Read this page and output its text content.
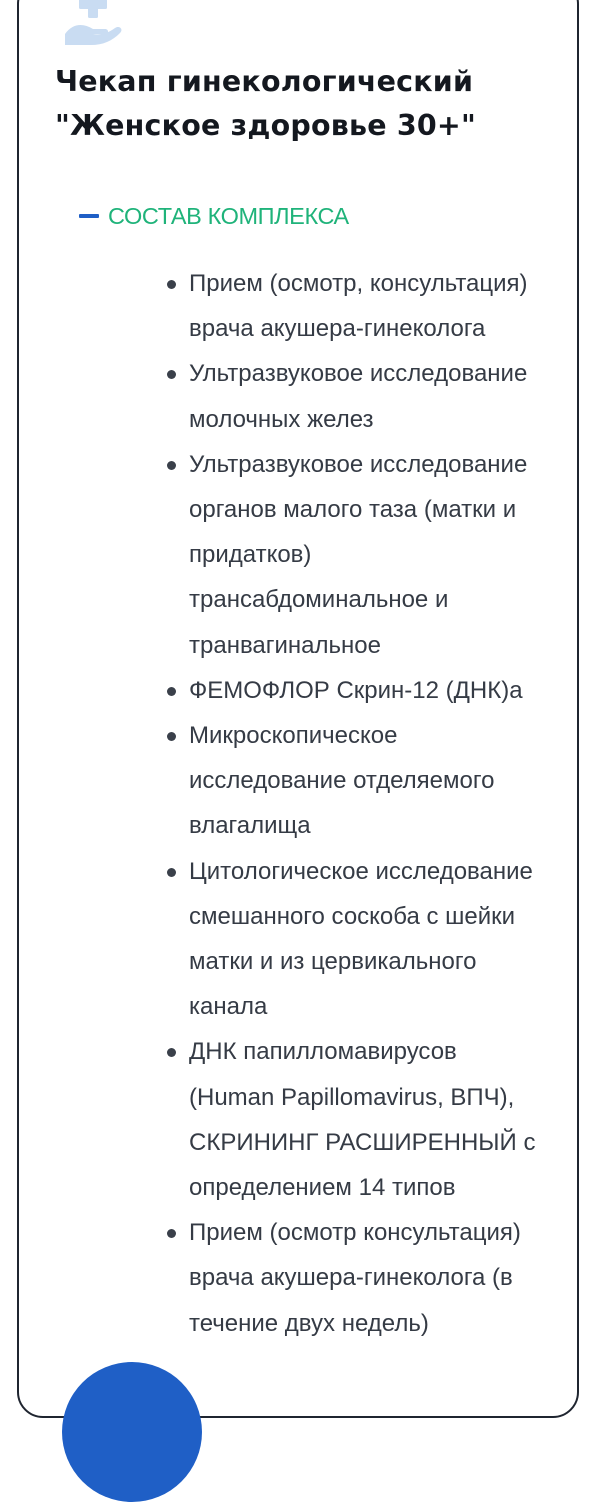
Чекап гинекологический
"Женское здоровье 30+"
СОСТАВ КОМПЛЕКСА
Прием (осмотр, консультация)
врача акушера-гинеколога
Ультразвуковое исследование
молочных желез
Ультразвуковое исследование
органов малого таза (матки и
придатков)
трансабдоминальное и
транвагинальное
ФЕМОФЛОР Скрин-12 (ДНК)а
Микроскопическое
исследование отделяемого
влагалища
Цитологическое исследование
смешанного соскоба с шейки
матки и из цервикального
канала
ДНК папилломавирусов
(Human Papillomavirus, ВПЧ),
СКРИНИНГ РАСШИРЕННЫЙ с
определением 14 типов
Прием (осмотр консультация)
врача акушера-гинеколога (в
течение двух недель)
